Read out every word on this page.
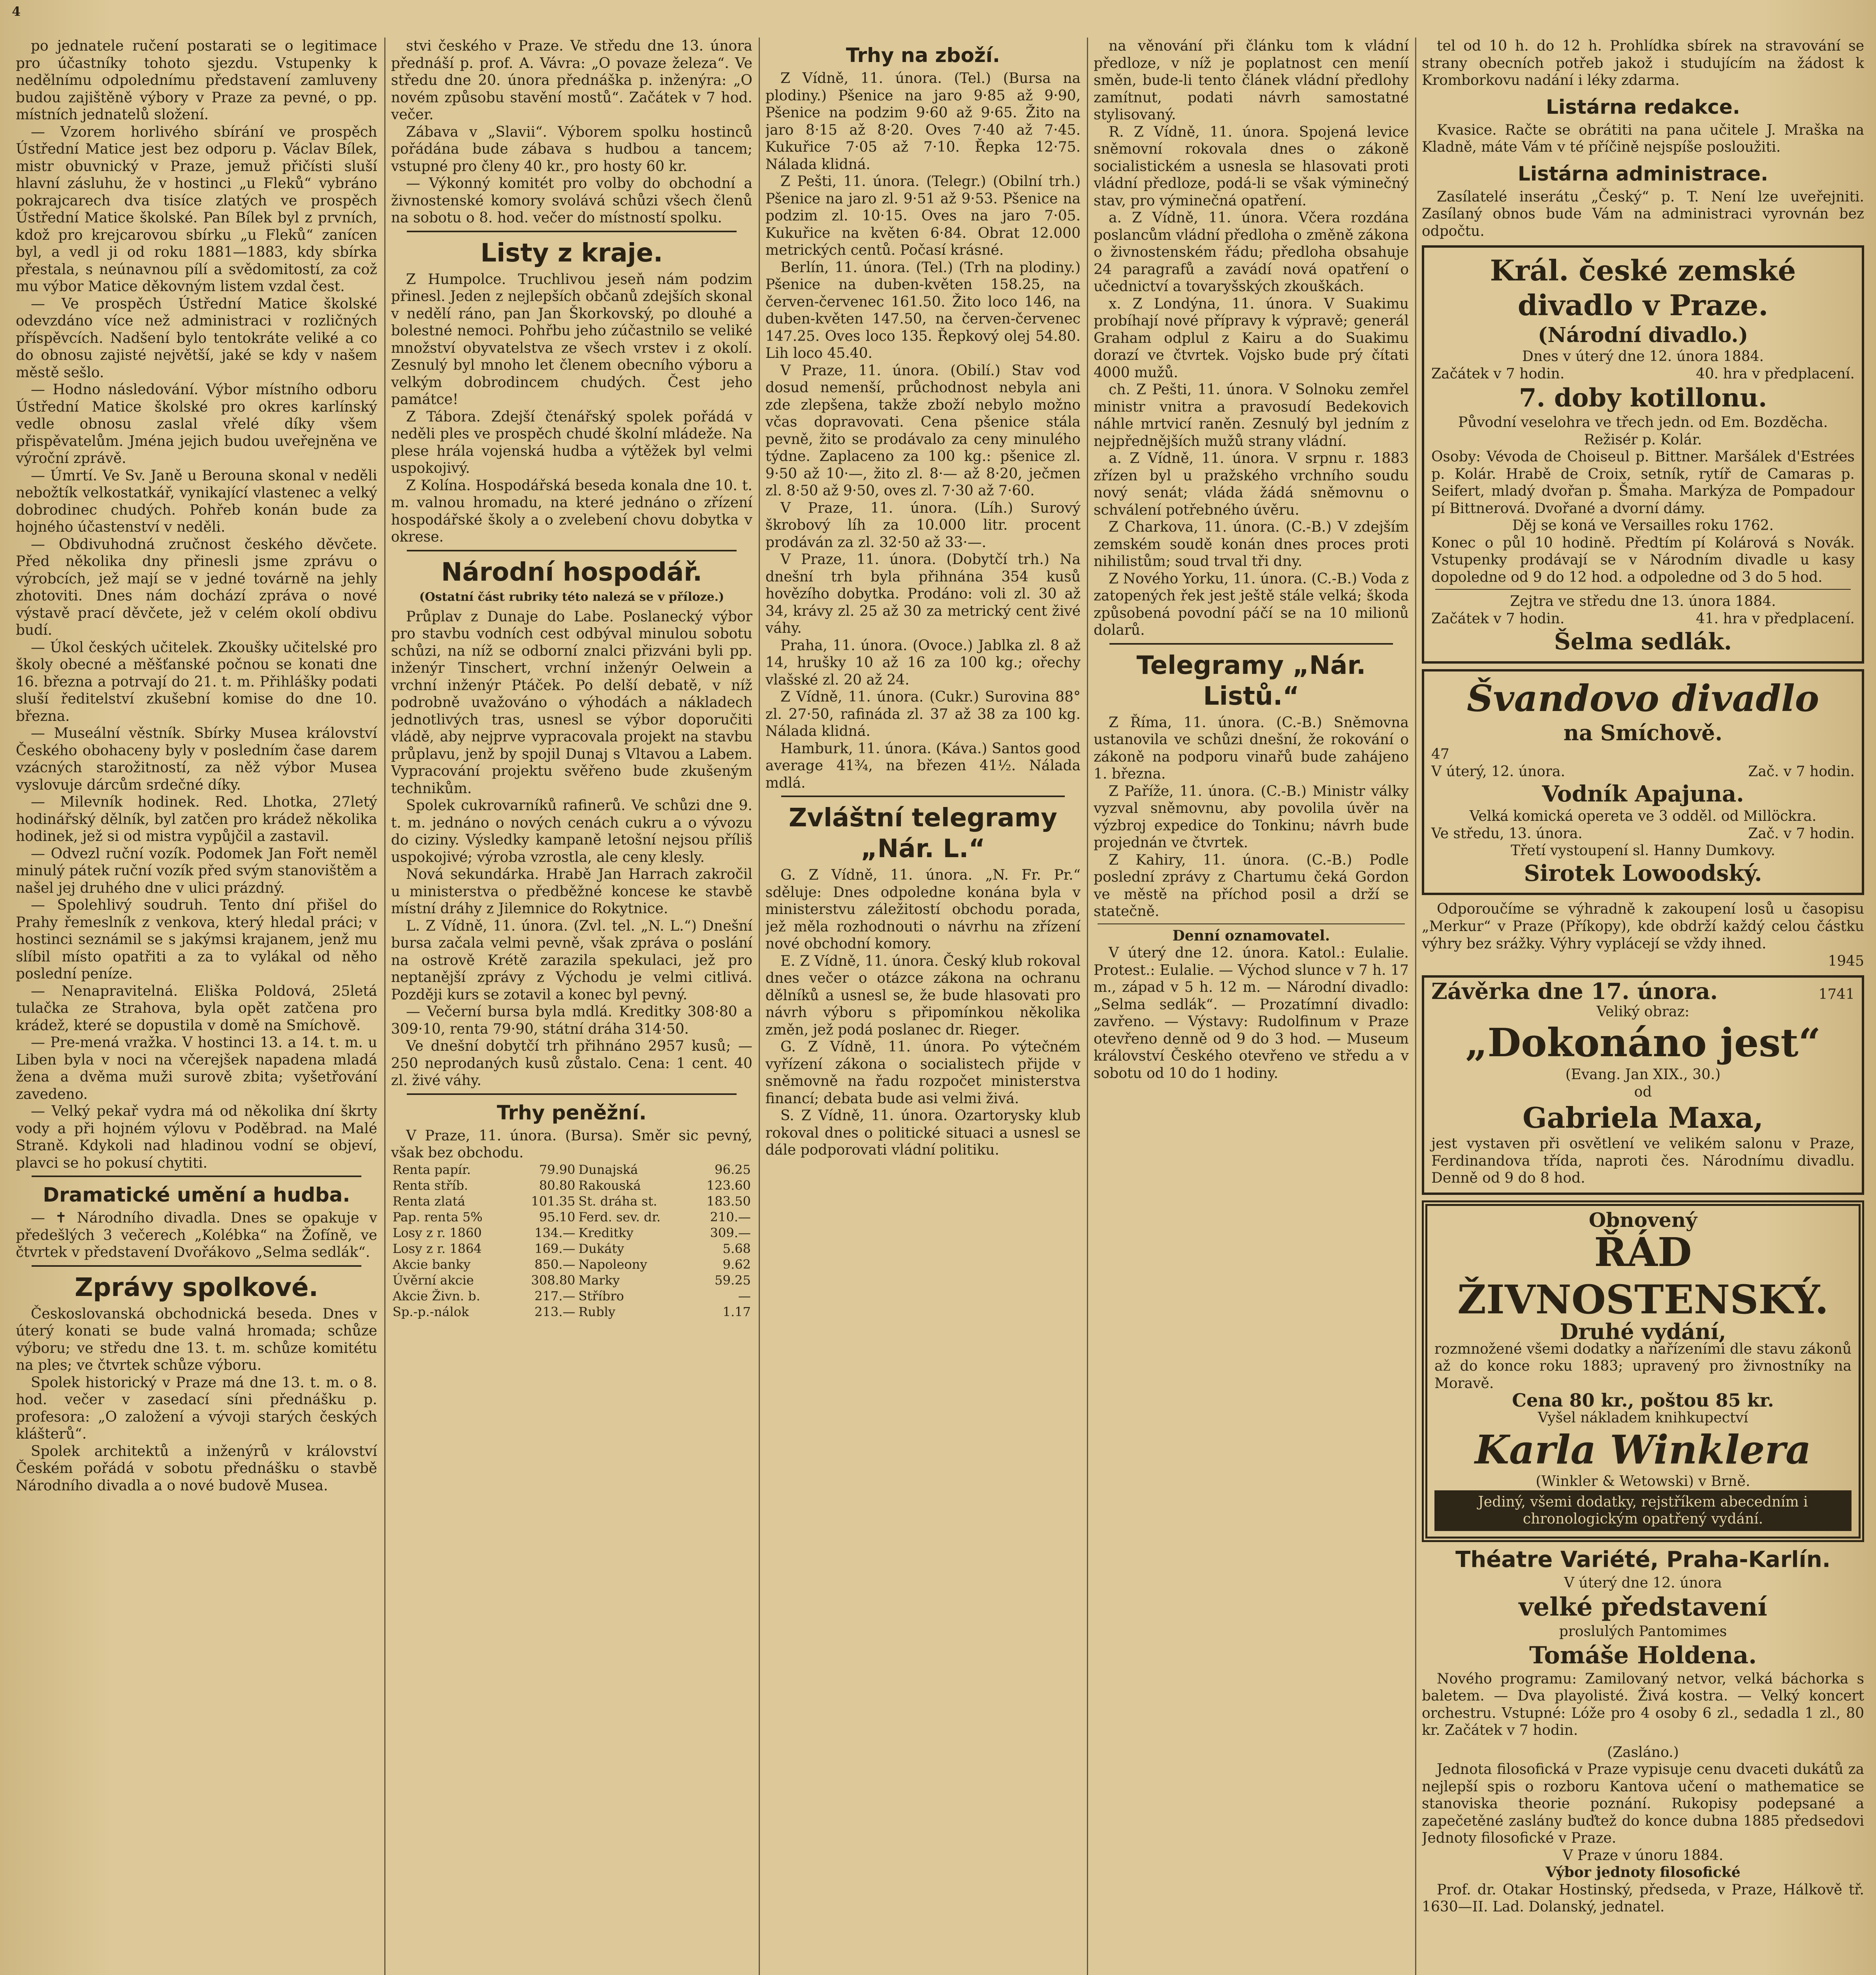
4

po jednatele ručení postarati se o legitimace pro účastníky tohoto sjezdu. Vstupenky k nedělnímu odpolednímu představení zamluveny budou zajištěně výbory v Praze za pevné, o pp. místních jednatelů složení.

— Vzorem horlivého sbírání ve prospěch Ústřední Matice jest bez odporu p. Václav Bílek, mistr obuvnický v Praze, jemuž přičísti sluší hlavní zásluhu, že v hostinci „u Fleků“ vybráno pokrajcarech dva tisíce zlatých ve prospěch Ústřední Matice školské. Pan Bílek byl z prvních, kdož pro krejcarovou sbírku „u Fleků“ zanícen byl, a vedl ji od roku 1881—1883, kdy sbírka přestala, s neúnavnou pílí a svědomitostí, za což mu výbor Matice děkovným listem vzdal čest.

— Ve prospěch Ústřední Matice školské odevzdáno více než administraci v rozličných příspěvcích. Nadšení bylo tentokráte veliké a co do obnosu zajisté největší, jaké se kdy v našem městě sešlo.

— Hodno následování. Výbor místního odboru Ústřední Matice školské pro okres karlínský vedle obnosu zaslal vřelé díky všem přispěvatelům. Jména jejich budou uveřejněna ve výroční zprávě.

— Úmrtí. Ve Sv. Janě u Berouna skonal v neděli nebožtík velkostatkář, vynikající vlastenec a velký dobrodinec chudých. Pohřeb konán bude za hojného účastenství v neděli.

— Obdivuhodná zručnost českého děvčete. Před několika dny přinesli jsme zprávu o výrobcích, jež mají se v jedné továrně na jehly zhotoviti. Dnes nám dochází zpráva o nové výstavě prací děvčete, jež v celém okolí obdivu budí.

— Úkol českých učitelek. Zkoušky učitelské pro školy obecné a měšťanské počnou se konati dne 16. března a potrvají do 21. t. m. Přihlášky podati sluší ředitelství zkušební komise do dne 10. března.

— Museální věstník. Sbírky Musea království Českého obohaceny byly v posledním čase darem vzácných starožitností, za něž výbor Musea vyslovuje dárcům srdečné díky.

— Milevník hodinek. Red. Lhotka, 27letý hodinářský dělník, byl zatčen pro krádež několika hodinek, jež si od mistra vypůjčil a zastavil.

— Odvezl ruční vozík. Podomek Jan Fořt neměl minulý pátek ruční vozík před svým stanovištěm a našel jej druhého dne v ulici prázdný.

— Spolehlivý soudruh. Tento dní přišel do Prahy řemeslník z venkova, který hledal práci; v hostinci seznámil se s jakýmsi krajanem, jenž mu slíbil místo opatřiti a za to vylákal od něho poslední peníze.

— Nenapravitelná. Eliška Poldová, 25letá tulačka ze Strahova, byla opět zatčena pro krádež, které se dopustila v domě na Smíchově.

— Pre-mená vražka. V hostinci 13. a 14. t. m. u Liben byla v noci na včerejšek napadena mladá žena a dvěma muži surově zbita; vyšetřování zavedeno.

— Velký pekař vydra má od několika dní škrty vody a při hojném výlovu v Poděbrad. na Malé Straně. Kdykoli nad hladinou vodní se objeví, plavci se ho pokusí chytiti.

Dramatické umění a hudba.

— ✝ Národního divadla. Dnes se opakuje v předešlých 3 večerech „Kolébka“ na Žofíně, ve čtvrtek v představení Dvořákovo „Selma sedlák“.

Zprávy spolkové.

Českoslovanská obchodnická beseda. Dnes v úterý konati se bude valná hromada; schůze výboru; ve středu dne 13. t. m. schůze komitétu na ples; ve čtvrtek schůze výboru.

Spolek historický v Praze má dne 13. t. m. o 8. hod. večer v zasedací síni přednášku p. profesora: „O založení a vývoji starých českých klášterů“.

Spolek architektů a inženýrů v království Českém pořádá v sobotu přednášku o stavbě Národního divadla a o nové budově Musea.

stvi českého v Praze. Ve středu dne 13. února přednáší p. prof. A. Vávra: „O povaze železa“. Ve středu dne 20. února přednáška p. inženýra: „O novém způsobu stavění mostů“. Začátek v 7 hod. večer.

Zábava v „Slavii“. Výborem spolku hostinců pořádána bude zábava s hudbou a tancem; vstupné pro členy 40 kr., pro hosty 60 kr.

— Výkonný komitét pro volby do obchodní a živnostenské komory svolává schůzi všech členů na sobotu o 8. hod. večer do místností spolku.

Listy z kraje.

Z Humpolce. Truchlivou jeseň nám podzim přinesl. Jeden z nejlepších občanů zdejších skonal v nedělí ráno, pan Jan Škorkovský, po dlouhé a bolestné nemoci. Pohřbu jeho zúčastnilo se veliké množství obyvatelstva ze všech vrstev i z okolí. Zesnulý byl mnoho let členem obecního výboru a velkým dobrodincem chudých. Čest jeho památce!

Z Tábora. Zdejší čtenářský spolek pořádá v neděli ples ve prospěch chudé školní mládeže. Na plese hrála vojenská hudba a výtěžek byl velmi uspokojivý.

Z Kolína. Hospodářská beseda konala dne 10. t. m. valnou hromadu, na které jednáno o zřízení hospodářské školy a o zvelebení chovu dobytka v okrese.

Národní hospodář.
(Ostatní část rubriky této nalezá se v příloze.)

Průplav z Dunaje do Labe. Poslanecký výbor pro stavbu vodních cest odbýval minulou sobotu schůzi, na níž se odborní znalci přizváni byli pp. inženýr Tinschert, vrchní inženýr Oelwein a vrchní inženýr Ptáček. Po delší debatě, v níž podrobně uvažováno o výhodách a nákladech jednotlivých tras, usnesl se výbor doporučiti vládě, aby nejprve vypracovala projekt na stavbu průplavu, jenž by spojil Dunaj s Vltavou a Labem. Vypracování projektu svěřeno bude zkušeným technikům.

Spolek cukrovarníků rafinerů. Ve schůzi dne 9. t. m. jednáno o nových cenách cukru a o vývozu do ciziny. Výsledky kampaně letošní nejsou příliš uspokojivé; výroba vzrostla, ale ceny klesly.

Nová sekundárka. Hrabě Jan Harrach zakročil u ministerstva o předběžné koncese ke stavbě místní dráhy z Jilemnice do Rokytnice.

L. Z Vídně, 11. února. (Zvl. tel. „N. L.“) Dnešní bursa začala velmi pevně, však zpráva o poslání na ostrově Krétě zarazila spekulaci, jež pro neptanější zprávy z Východu je velmi citlivá. Později kurs se zotavil a konec byl pevný.

— Večerní bursa byla mdlá. Kreditky 308·80 a 309·10, renta 79·90, státní dráha 314·50.

Ve dnešní dobytčí trh přihnáno 2957 kusů; — 250 neprodaných kusů zůstalo. Cena: 1 cent. 40 zl. živé váhy.

Trhy peněžní.

V Praze, 11. února. (Bursa). Směr sic pevný, však bez obchodu.

Renta papír.	79.90	Dunajská	96.25
Renta stříb.	80.80	Rakouská	123.60
Renta zlatá	101.35	St. dráha st.	183.50
Pap. renta 5%	95.10	Ferd. sev. dr.	210.—
Losy z r. 1860	134.—	Kreditky	309.—
Losy z r. 1864	169.—	Dukáty	5.68
Akcie banky	850.—	Napoleony	9.62
Úvěrní akcie	308.80	Marky	59.25
Akcie Živn. b.	217.—	Stříbro	—
Sp.-p.-nálok	213.—	Rubly	1.17
Trhy na zboží.

Z Vídně, 11. února. (Tel.) (Bursa na plodiny.) Pšenice na jaro 9·85 až 9·90, Pšenice na podzim 9·60 až 9·65. Žito na jaro 8·15 až 8·20. Oves 7·40 až 7·45. Kukuřice 7·05 až 7·10. Řepka 12·75. Nálada klidná.

Z Pešti, 11. února. (Telegr.) (Obilní trh.) Pšenice na jaro zl. 9·51 až 9·53. Pšenice na podzim zl. 10·15. Oves na jaro 7·05. Kukuřice na květen 6·84. Obrat 12.000 metrických centů. Počasí krásné.

Berlín, 11. února. (Tel.) (Trh na plodiny.) Pšenice na duben-květen 158.25, na červen-červenec 161.50. Žito loco 146, na duben-květen 147.50, na červen-červenec 147.25. Oves loco 135. Řepkový olej 54.80. Lih loco 45.40.

V Praze, 11. února. (Obilí.) Stav vod dosud nemenší, průchodnost nebyla ani zde zlepšena, takže zboží nebylo možno včas dopravovati. Cena pšenice stála pevně, žito se prodávalo za ceny minulého týdne. Zaplaceno za 100 kg.: pšenice zl. 9·50 až 10·—, žito zl. 8·— až 8·20, ječmen zl. 8·50 až 9·50, oves zl. 7·30 až 7·60.

V Praze, 11. února. (Líh.) Surový škrobový líh za 10.000 litr. procent prodáván za zl. 32·50 až 33·—.

V Praze, 11. února. (Dobytčí trh.) Na dnešní trh byla přihnána 354 kusů hovězího dobytka. Prodáno: voli zl. 30 až 34, krávy zl. 25 až 30 za metrický cent živé váhy.

Praha, 11. února. (Ovoce.) Jablka zl. 8 až 14, hrušky 10 až 16 za 100 kg.; ořechy vlašské zl. 20 až 24.

Z Vídně, 11. února. (Cukr.) Surovina 88° zl. 27·50, rafináda zl. 37 až 38 za 100 kg. Nálada klidná.

Hamburk, 11. února. (Káva.) Santos good average 41¾, na březen 41½. Nálada mdlá.

Zvláštní telegramy „Nár. L.“

G. Z Vídně, 11. února. „N. Fr. Pr.“ sděluje: Dnes odpoledne konána byla v ministerstvu záležitostí obchodu porada, jež měla rozhodnouti o návrhu na zřízení nové obchodní komory.

E. Z Vídně, 11. února. Český klub rokoval dnes večer o otázce zákona na ochranu dělníků a usnesl se, že bude hlasovati pro návrh výboru s připomínkou několika změn, jež podá poslanec dr. Rieger.

G. Z Vídně, 11. února. Po výtečném vyřízení zákona o socialistech přijde v sněmovně na řadu rozpočet ministerstva financí; debata bude asi velmi živá.

S. Z Vídně, 11. února. Ozartorysky klub rokoval dnes o politické situaci a usnesl se dále podporovati vládní politiku.

na věnování při článku tom k vládní předloze, v níž je poplatnost cen meníí směn, bude-li tento článek vládní předlohy zamítnut, podati návrh samostatné stylisovaný.

R. Z Vídně, 11. února. Spojená levice sněmovní rokovala dnes o zákoně socialistickém a usnesla se hlasovati proti vládní předloze, podá-li se však výminečný stav, pro výminečná opatření.

a. Z Vídně, 11. února. Včera rozdána poslancům vládní předloha o změně zákona o živnostenském řádu; předloha obsahuje 24 paragrafů a zavádí nová opatření o učednictví a tovaryšských zkouškách.

x. Z Londýna, 11. února. V Suakimu probíhají nové přípravy k výpravě; generál Graham odplul z Kairu a do Suakimu dorazí ve čtvrtek. Vojsko bude prý čítati 4000 mužů.

ch. Z Pešti, 11. února. V Solnoku zemřel ministr vnitra a pravosudí Bedekovich náhle mrtvicí raněn. Zesnulý byl jedním z nejpřednějších mužů strany vládní.

a. Z Vídně, 11. února. V srpnu r. 1883 zřízen byl u pražského vrchního soudu nový senát; vláda žádá sněmovnu o schválení potřebného úvěru.

Z Charkova, 11. února. (C.-B.) V zdejším zemském soudě konán dnes proces proti nihilistům; soud trval tři dny.

Z Nového Yorku, 11. února. (C.-B.) Voda z zatopených řek jest ještě stále velká; škoda způsobená povodní páčí se na 10 milionů dolarů.

Telegramy „Nár. Listů.“

Z Říma, 11. února. (C.-B.) Sněmovna ustanovila ve schůzi dnešní, že rokování o zákoně na podporu vinařů bude zahájeno 1. března.

Z Paříže, 11. února. (C.-B.) Ministr války vyzval sněmovnu, aby povolila úvěr na výzbroj expedice do Tonkinu; návrh bude projednán ve čtvrtek.

Z Kahiry, 11. února. (C.-B.) Podle poslední zprávy z Chartumu čeká Gordon ve městě na příchod posil a drží se statečně.

Denní oznamovatel.

V úterý dne 12. února. Katol.: Eulalie. Protest.: Eulalie. — Východ slunce v 7 h. 17 m., západ v 5 h. 12 m. — Národní divadlo: „Selma sedlák“. — Prozatímní divadlo: zavřeno. — Výstavy: Rudolfinum v Praze otevřeno denně od 9 do 3 hod. — Museum království Českého otevřeno ve středu a v sobotu od 10 do 1 hodiny.

tel od 10 h. do 12 h. Prohlídka sbírek na stravování se strany obecních potřeb jakož i studujícím na žádost k Kromborkovu nadání i léky zdarma.

Listárna redakce.

Kvasice. Račte se obrátiti na pana učitele J. Mraška na Kladně, máte Vám v té příčině nejspíše posloužiti.

Listárna administrace.

Zasílatelé inserátu „Český“ p. T. Není lze uveřejniti. Zasílaný obnos bude Vám na administraci vyrovnán bez odpočtu.

Král. české zemské divadlo v Praze.
(Národní divadlo.)
Dnes v úterý dne 12. února 1884.
Začátek v 7 hodin.	40. hra v předplacení.
7. doby kotillonu.
Původní veselohra ve třech jedn. od Em. Bozděcha. Režisér p. Kolár.
Osoby: Vévoda de Choiseul p. Bittner. Maršálek d'Estrées p. Kolár. Hrabě de Croix, setník, rytíř de Camaras p. Seifert, mladý dvořan p. Šmaha. Markýza de Pompadour pí Bittnerová. Dvořané a dvorní dámy.
Děj se koná ve Versailles roku 1762.
Konec o půl 10 hodině. Předtím pí Kolárová s Novák. Vstupenky prodávají se v Národním divadle u kasy dopoledne od 9 do 12 hod. a odpoledne od 3 do 5 hod.
Zejtra ve středu dne 13. února 1884.
Začátek v 7 hodin.	41. hra v předplacení.
Šelma sedlák.
Švandovo divadlo
na Smíchově.
47
V úterý, 12. února.	Zač. v 7 hodin.
Vodník Apajuna.
Velká komická opereta ve 3 odděl. od Millöckra.
Ve středu, 13. února.	Zač. v 7 hodin.
Třetí vystoupení sl. Hanny Dumkovy.
Sirotek Lowoodský.

Odporoučíme se výhradně k zakoupení losů u časopisu „Merkur“ v Praze (Příkopy), kde obdrží každý celou částku výhry bez srážky. Výhry vyplácejí se vždy ihned.

1945

Závěrka dne 17. února.	1741
Veliký obraz:
„Dokonáno jest“
(Evang. Jan XIX., 30.)
od
Gabriela Maxa,
jest vystaven při osvětlení ve velikém salonu v Praze, Ferdinandova třída, naproti čes. Národnímu divadlu. Denně od 9 do 8 hod.
Obnovený
ŘÁD ŽIVNOSTENSKÝ.
Druhé vydání,
rozmnožené všemi dodatky a nařízeními dle stavu zákonů až do konce roku 1883; upravený pro živnostníky na Moravě.
Cena 80 kr., poštou 85 kr.
Vyšel nákladem knihkupectví
Karla Winklera
(Winkler & Wetowski) v Brně.
Jediný, všemi dodatky, rejstříkem abecedním i chronologickým opatřený vydání.
Théatre Variété, Praha-Karlín.
V úterý dne 12. února
velké představení
proslulých Pantomimes
Tomáše Holdena.

Nového programu: Zamilovaný netvor, velká báchorka s baletem. — Dva playolisté. Živá kostra. — Velký koncert orchestru. Vstupné: Lóže pro 4 osoby 6 zl., sedadla 1 zl., 80 kr. Začátek v 7 hodin.

(Zasláno.)

Jednota filosofická v Praze vypisuje cenu dvaceti dukátů za nejlepší spis o rozboru Kantova učení o mathematice se stanoviska theorie poznání. Rukopisy podepsané a zapečetěné zaslány buďtež do konce dubna 1885 předsedovi Jednoty filosofické v Praze.

V Praze v únoru 1884.

Výbor jednoty filosofické

Prof. dr. Otakar Hostinský, předseda, v Praze, Hálkově tř. 1630—II. Lad. Dolanský, jednatel.
